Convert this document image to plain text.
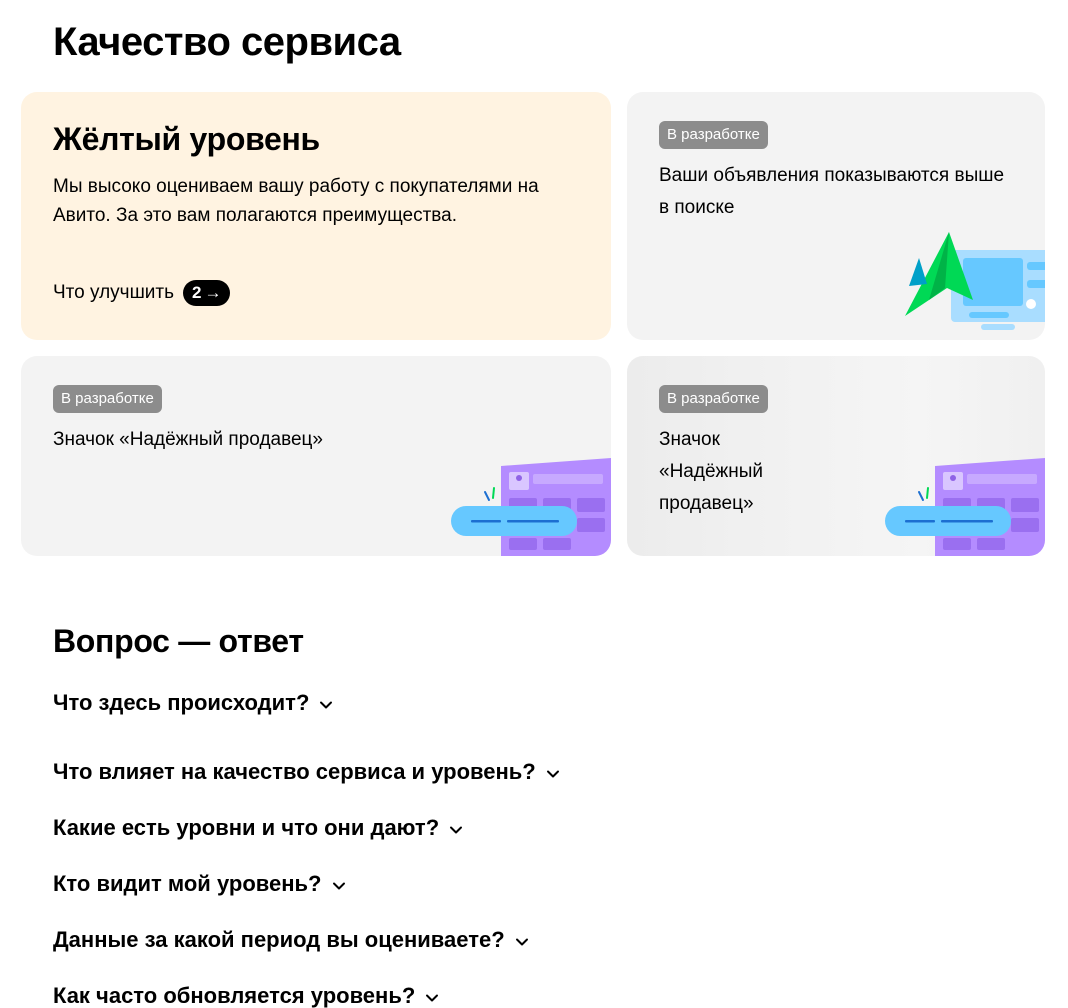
Качество сервиса
Жёлтый уровень
Мы высоко оцениваем вашу работу с покупателями на Авито. За это вам полагаются преимущества.
Что улучшить 2 →
В разработке
Ваши объявления показываются выше в поиске
В разработке
Значок «Надёжный продавец»
В разработке
Значок «Надёжный продавец»
Вопрос — ответ
Что здесь происходит?
Что влияет на качество сервиса и уровень?
Какие есть уровни и что они дают?
Кто видит мой уровень?
Данные за какой период вы оцениваете?
Как часто обновляется уровень?
